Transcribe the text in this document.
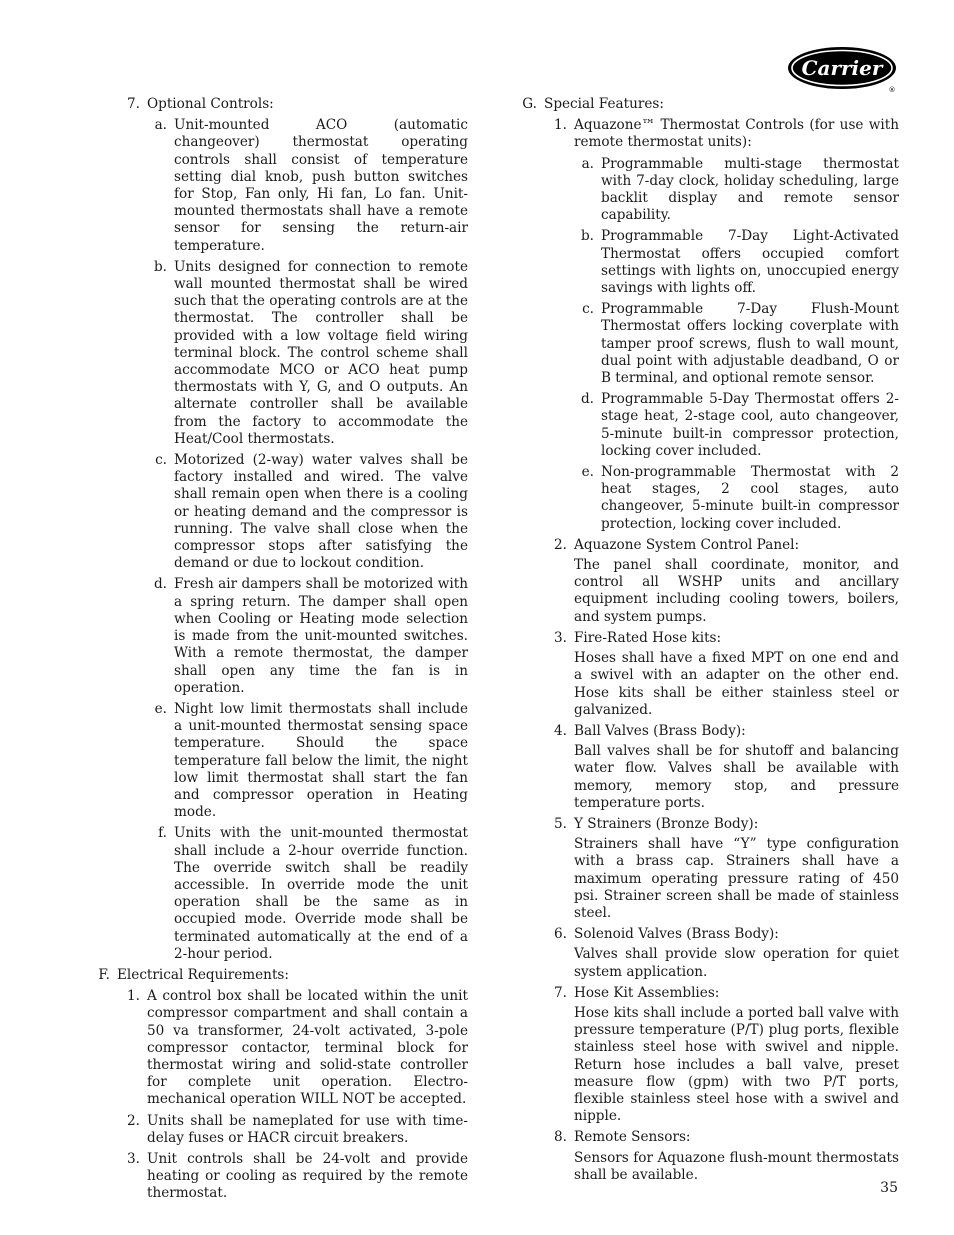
Carrier
®
7. Optional Controls:
a. Unit-mounted ACO (automatic changeover) thermostat operating controls shall consist of temperature setting dial knob, push button switches for Stop, Fan only, Hi fan, Lo fan. Unit-mounted thermostats shall have a remote sensor for sensing the return-air temperature.
b. Units designed for connection to remote wall mounted thermostat shall be wired such that the operating controls are at the thermostat. The controller shall be provided with a low voltage field wiring terminal block. The control scheme shall accommodate MCO or ACO heat pump thermostats with Y, G, and O outputs. An alternate controller shall be available from the factory to accommodate the Heat/Cool thermostats.
c. Motorized (2-way) water valves shall be factory installed and wired. The valve shall remain open when there is a cooling or heating demand and the compressor is running. The valve shall close when the compressor stops after satisfying the demand or due to lockout condition.
d. Fresh air dampers shall be motorized with a spring return. The damper shall open when Cooling or Heating mode selection is made from the unit-mounted switches. With a remote thermostat, the damper shall open any time the fan is in operation.
e. Night low limit thermostats shall include a unit-mounted thermostat sensing space temperature. Should the space temperature fall below the limit, the night low limit thermostat shall start the fan and compressor operation in Heating mode.
f. Units with the unit-mounted thermostat shall include a 2-hour override function. The override switch shall be readily accessible. In override mode the unit operation shall be the same as in occupied mode. Override mode shall be terminated automatically at the end of a 2-hour period.
F. Electrical Requirements:
1. A control box shall be located within the unit compressor compartment and shall contain a 50 va transformer, 24-volt activated, 3-pole compressor contactor, terminal block for thermostat wiring and solid-state controller for complete unit operation. Electro-mechanical operation WILL NOT be accepted.
2. Units shall be nameplated for use with time-delay fuses or HACR circuit breakers.
3. Unit controls shall be 24-volt and provide heating or cooling as required by the remote thermostat.
G. Special Features:
1. Aquazone™ Thermostat Controls (for use with remote thermostat units):
a. Programmable multi-stage thermostat with 7-day clock, holiday scheduling, large backlit display and remote sensor capability.
b. Programmable 7-Day Light-Activated Thermostat offers occupied comfort settings with lights on, unoccupied energy savings with lights off.
c. Programmable 7-Day Flush-Mount Thermostat offers locking coverplate with tamper proof screws, flush to wall mount, dual point with adjustable deadband, O or B terminal, and optional remote sensor.
d. Programmable 5-Day Thermostat offers 2-stage heat, 2-stage cool, auto changeover, 5-minute built-in compressor protection, locking cover included.
e. Non-programmable Thermostat with 2 heat stages, 2 cool stages, auto changeover, 5-minute built-in compressor protection, locking cover included.
2. Aquazone System Control Panel:
The panel shall coordinate, monitor, and control all WSHP units and ancillary equipment including cooling towers, boilers, and system pumps.
3. Fire-Rated Hose kits:
Hoses shall have a fixed MPT on one end and a swivel with an adapter on the other end. Hose kits shall be either stainless steel or galvanized.
4. Ball Valves (Brass Body):
Ball valves shall be for shutoff and balancing water flow. Valves shall be available with memory, memory stop, and pressure temperature ports.
5. Y Strainers (Bronze Body):
Strainers shall have “Y” type configuration with a brass cap. Strainers shall have a maximum operating pressure rating of 450 psi. Strainer screen shall be made of stainless steel.
6. Solenoid Valves (Brass Body):
Valves shall provide slow operation for quiet system application.
7. Hose Kit Assemblies:
Hose kits shall include a ported ball valve with pressure temperature (P/T) plug ports, flexible stainless steel hose with swivel and nipple. Return hose includes a ball valve, preset measure flow (gpm) with two P/T ports, flexible stainless steel hose with a swivel and nipple.
8. Remote Sensors:
Sensors for Aquazone flush-mount thermostats shall be available.
35
